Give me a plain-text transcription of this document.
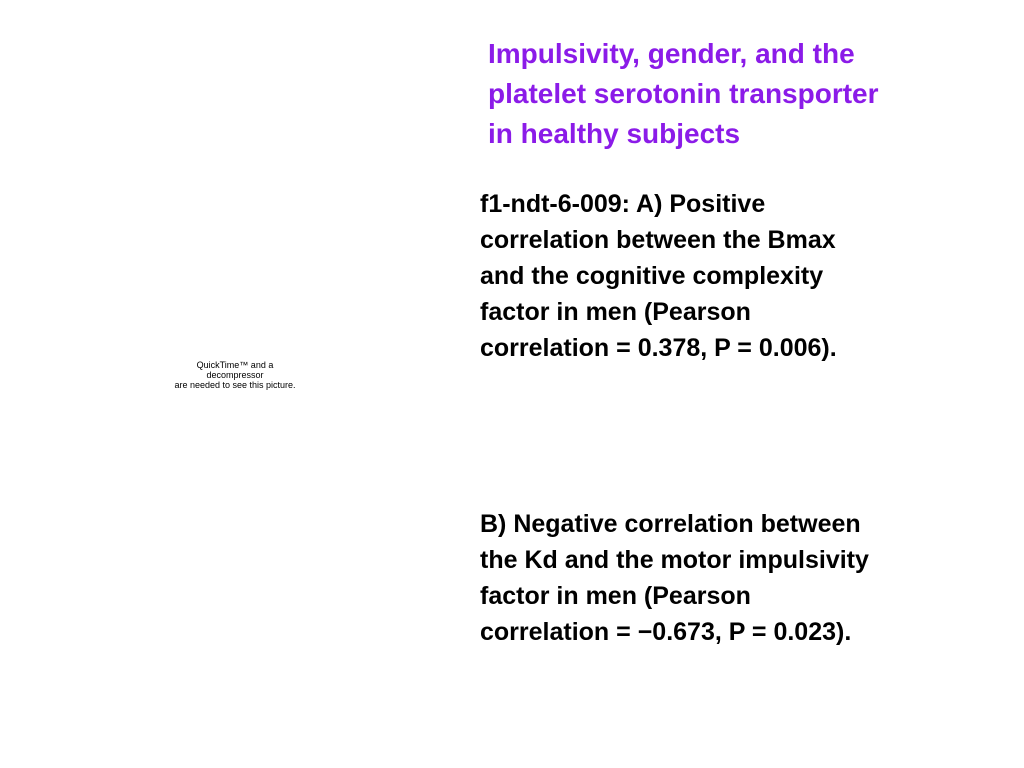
Impulsivity, gender, and the
platelet serotonin transporter
in healthy subjects
QuickTime™ and a
decompressor
are needed to see this picture.

f1-ndt-6-009: A) Positive
correlation between the Bmax
and the cognitive complexity
factor in men (Pearson
correlation = 0.378, P = 0.006).

B) Negative correlation between
the Kd and the motor impulsivity
factor in men (Pearson
correlation = −0.673, P = 0.023).
